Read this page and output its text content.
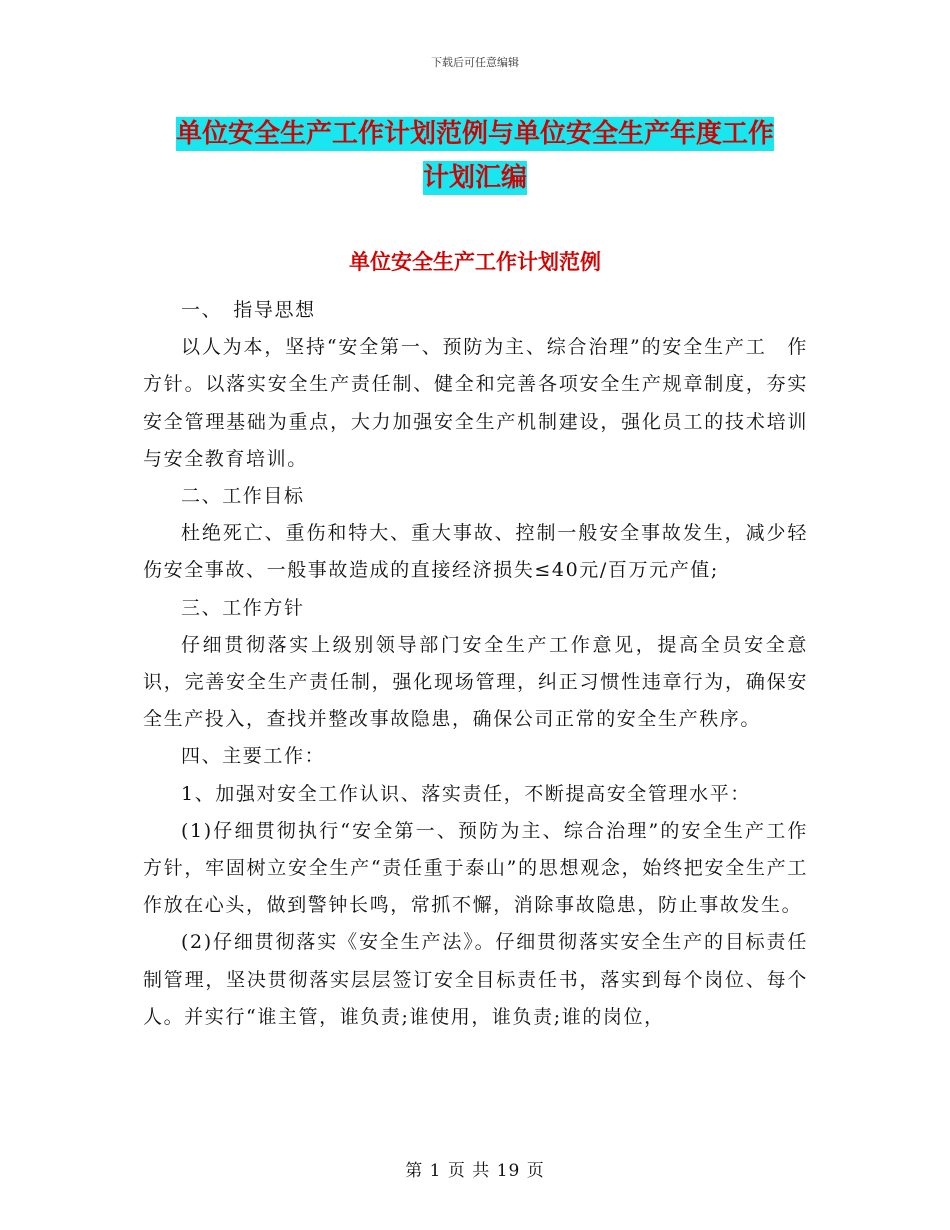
下载后可任意编辑
单位安全生产工作计划范例与单位安全生产年度工作
计划汇编
单位安全生产工作计划范例

一、　指导思想

以人为本，坚持“安全第一、预防为主、综合治理”的安全生产工　作方针。以落实安全生产责任制、健全和完善各项安全生产规章制度，夯实安全管理基础为重点，大力加强安全生产机制建设，强化员工的技术培训与安全教育培训。

二、工作目标

杜绝死亡、重伤和特大、重大事故、控制一般安全事故发生，减少轻伤安全事故、一般事故造成的直接经济损失≤40元/百万元产值;

三、工作方针

仔细贯彻落实上级别领导部门安全生产工作意见，提高全员安全意识，完善安全生产责任制，强化现场管理，纠正习惯性违章行为，确保安全生产投入，查找并整改事故隐患，确保公司正常的安全生产秩序。

四、主要工作：

1、加强对安全工作认识、落实责任，不断提高安全管理水平：

(1)仔细贯彻执行“安全第一、预防为主、综合治理”的安全生产工作方针，牢固树立安全生产“责任重于泰山”的思想观念，始终把安全生产工作放在心头，做到警钟长鸣，常抓不懈，消除事故隐患，防止事故发生。

(2)仔细贯彻落实《安全生产法》。仔细贯彻落实安全生产的目标责任制管理，坚决贯彻落实层层签订安全目标责任书，落实到每个岗位、每个人。并实行“谁主管，谁负责;谁使用，谁负责;谁的岗位，

第 1 页 共 19 页
